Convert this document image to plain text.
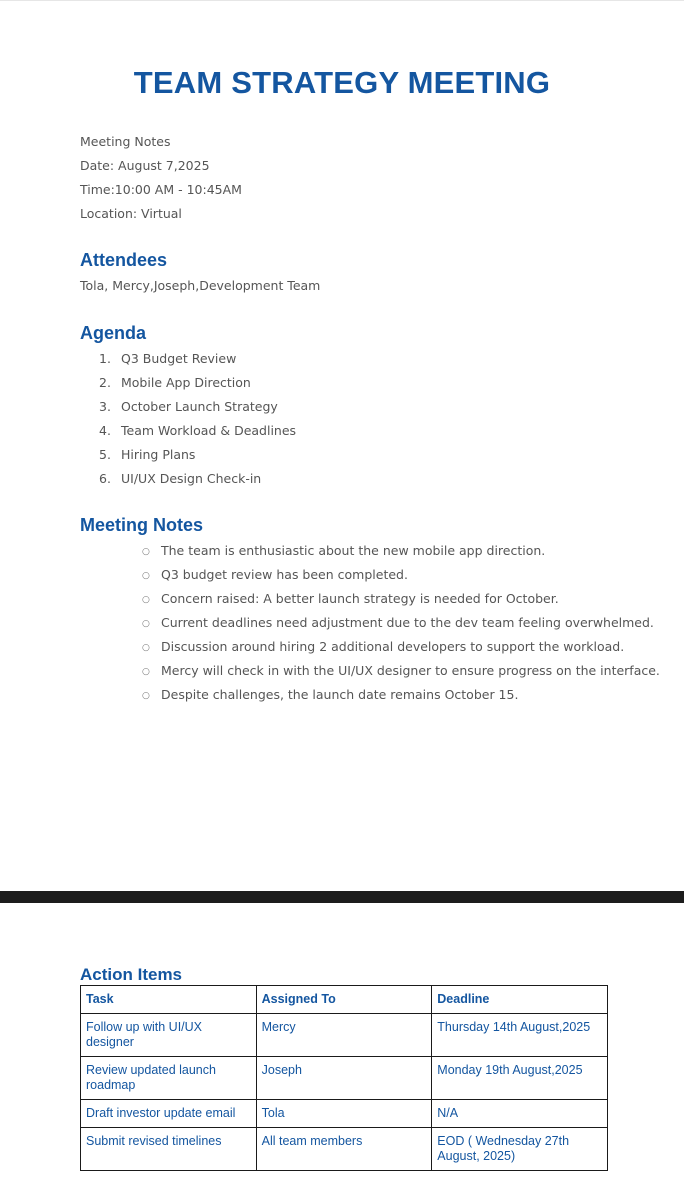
TEAM STRATEGY MEETING
Meeting Notes
Date: August 7,2025
Time:10:00 AM - 10:45AM
Location: Virtual
Attendees
Tola, Mercy,Joseph,Development Team
Agenda
1. Q3 Budget Review
2. Mobile App Direction
3. October Launch Strategy
4. Team Workload & Deadlines
5. Hiring Plans
6. UI/UX Design Check-in
Meeting Notes
○ The team is enthusiastic about the new mobile app direction.
○ Q3 budget review has been completed.
○ Concern raised: A better launch strategy is needed for October.
○ Current deadlines need adjustment due to the dev team feeling overwhelmed.
○ Discussion around hiring 2 additional developers to support the workload.
○ Mercy will check in with the UI/UX designer to ensure progress on the interface.
○ Despite challenges, the launch date remains October 15.
Action Items
Task	Assigned To	Deadline
Follow up with UI/UX designer	Mercy	Thursday 14th August,2025
Review updated launch roadmap	Joseph	Monday 19th August,2025
Draft investor update email	Tola	N/A
Submit revised timelines	All team members	EOD ( Wednesday 27th August, 2025)
